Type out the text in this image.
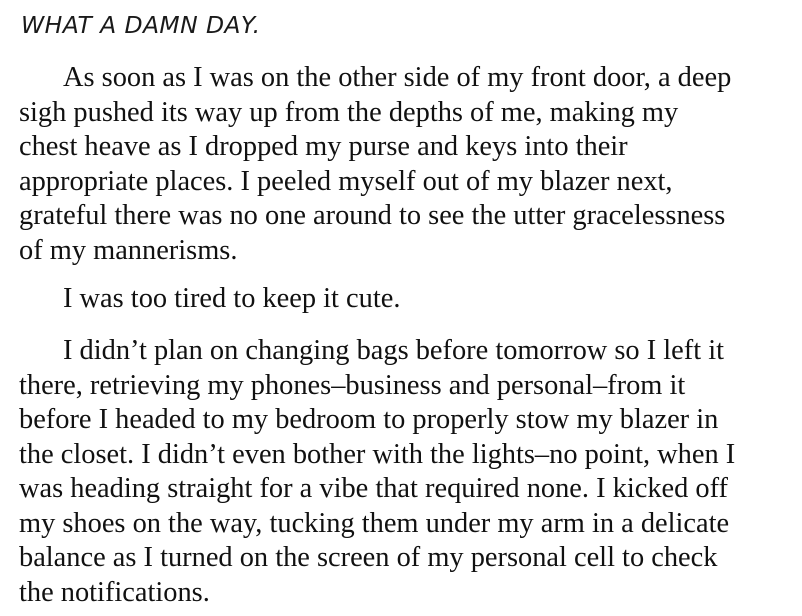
WHAT A DAMN DAY.

As soon as I was on the other side of my front door, a deep
sigh pushed its way up from the depths of me, making my
chest heave as I dropped my purse and keys into their
appropriate places. I peeled myself out of my blazer next,
grateful there was no one around to see the utter gracelessness
of my mannerisms.

I was too tired to keep it cute.

I didn’t plan on changing bags before tomorrow so I left it
there, retrieving my phones–business and personal–from it
before I headed to my bedroom to properly stow my blazer in
the closet. I didn’t even bother with the lights–no point, when I
was heading straight for a vibe that required none. I kicked off
my shoes on the way, tucking them under my arm in a delicate
balance as I turned on the screen of my personal cell to check
the notifications.
